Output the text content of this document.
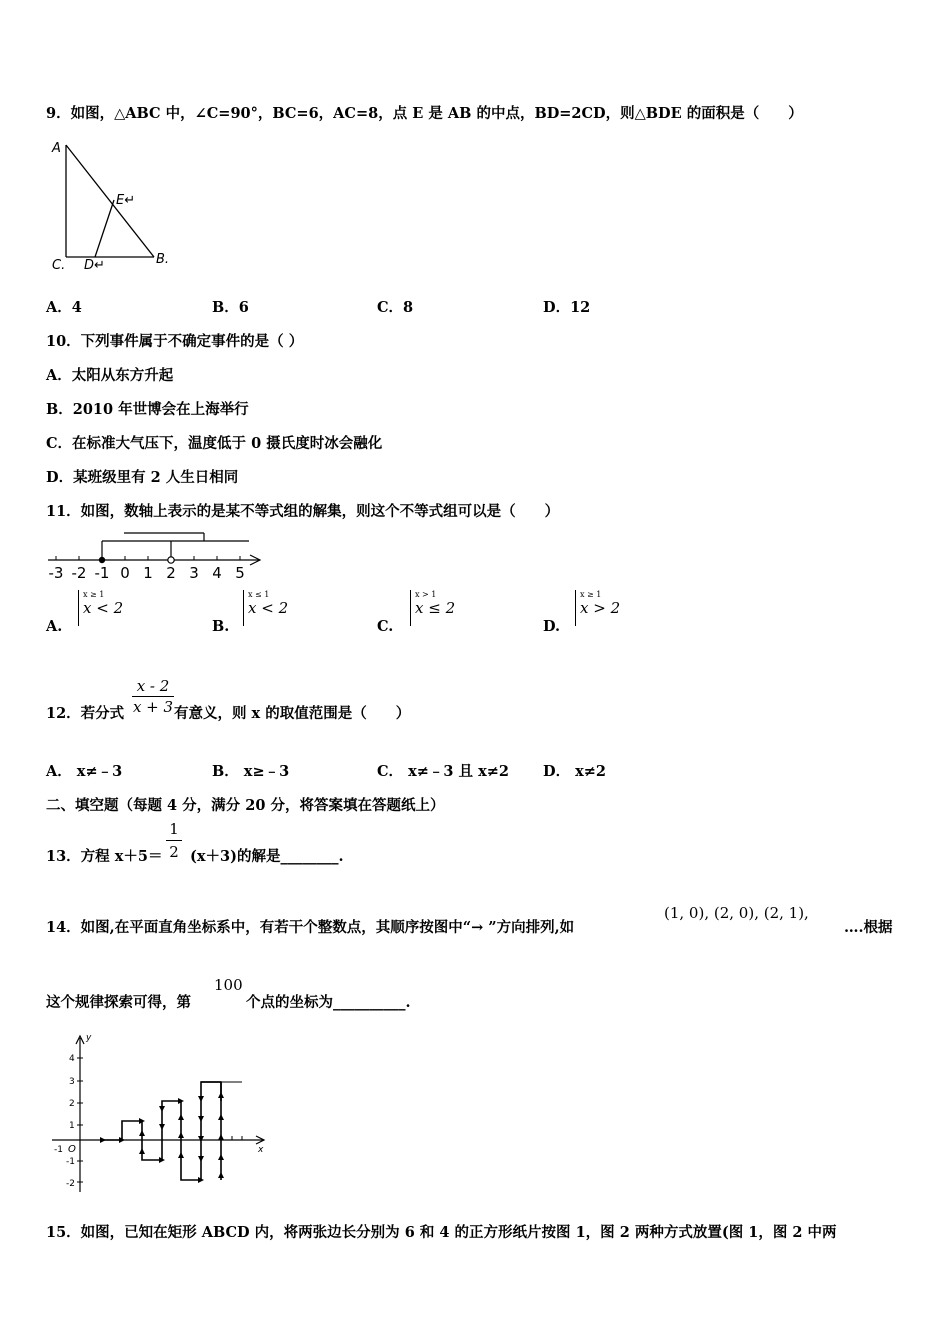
9．如图，△ABC 中，∠C=90°，BC=6，AC=8，点 E 是 AB 的中点，BD=2CD，则△BDE 的面积是（　　）
A
E↵
C. D↵	B.
A．4	B．6	C．8	D．12
10．下列事件属于不确定事件的是（ ）
A．太阳从东方升起
B．2010 年世博会在上海举行
C．在标准大气压下，温度低于 0 摄氏度时冰会融化
D．某班级里有 2 人生日相同
11．如图，数轴上表示的是某不等式组的解集，则这个不等式组可以是（　　）
-3 -2 -1 0 1 2 3 4 5
A.
x ≥ 1
x < 2

B.
x ≤ 1
x < 2

C.
x > 1
x ≤ 2

D.
x ≥ 1
x > 2

12．若分式 $\frac{x - 2}{x + 3}$ 有意义，则 x 的取值范围是（　　）
A． x≠﹣3	B． x≥﹣3	C． x≠﹣3 且 x≠2 D． x≠2
二、填空题（每题 4 分，满分 20 分，将答案填在答题纸上）
13．方程 $x+5= \frac{1}{2} (x+3)$的解是________.
14．如图,在平面直角坐标系中，有若干个整数点，其顺序按图中“→ ”方向排列,如
(1, 0), (2, 0), (2, 1),
….根据
这个规律探索可得，第
100
个点的坐标为__________.
y
x
O
-1
4
3
2
1
-1
-2
15．如图，已知在矩形 ABCD 内，将两张边长分别为 6 和 4 的正方形纸片按图 1，图 2 两种方式放置(图 1，图 2 中两
